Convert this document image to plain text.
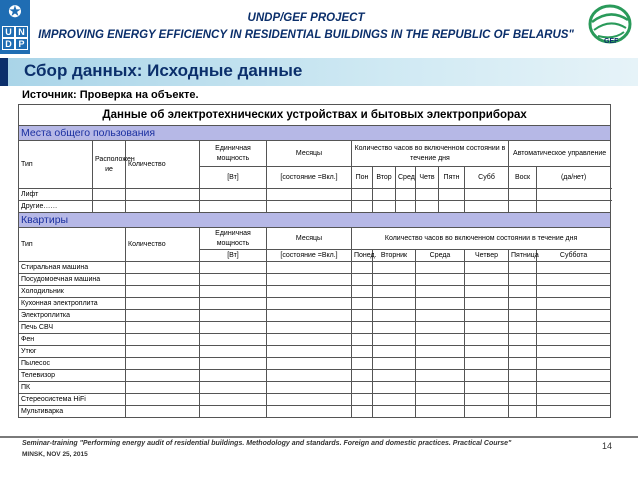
✪
U N
D P
UNDP/GEF PROJECT
IMPROVING ENERGY EFFICIENCY IN RESIDENTIAL BUILDINGS IN THE REPUBLIC OF BELARUS"
GEF
Сбор данных: Исходные данные
Источник: Проверка на объекте.
Данные об электротехнических устройствах и бытовых электроприборах													
Места общего пользования													
Тип	Расположен ие	Количество	Единичная мощность	Месяцы	Количество часов во включенном состоянии в течение дня						Автоматическое управление		
			[Вт]	[состояние =Вкл.]	Пон	Втор	Сред	Четв	Пятн	Субб	Воск	(да/нет)	
Лифт													
Другие……													
Квартиры													
Тип		Количество	Единичная мощность	Месяцы	Количество часов во включенном состоянии в течение дня								
			[Вт]	[состояние =Вкл.]	Понед.	Вторник		Среда		Четвер	Пятница	Суббота	
Стиральная машина													
Посудомоечная машина													
Холодильник													
Кухонная электроплита													
Электроплитка													
Печь СВЧ													
Фен													
Утюг													
Пылесос													
Телевизор													
ПК													
Стереосистема HiFi													
Мультиварка													
Seminar-training "Performing energy audit of residential buildings. Methodology and standards. Foreign and domestic practices. Practical Course"
MINSK, NOV 25, 2015
14
